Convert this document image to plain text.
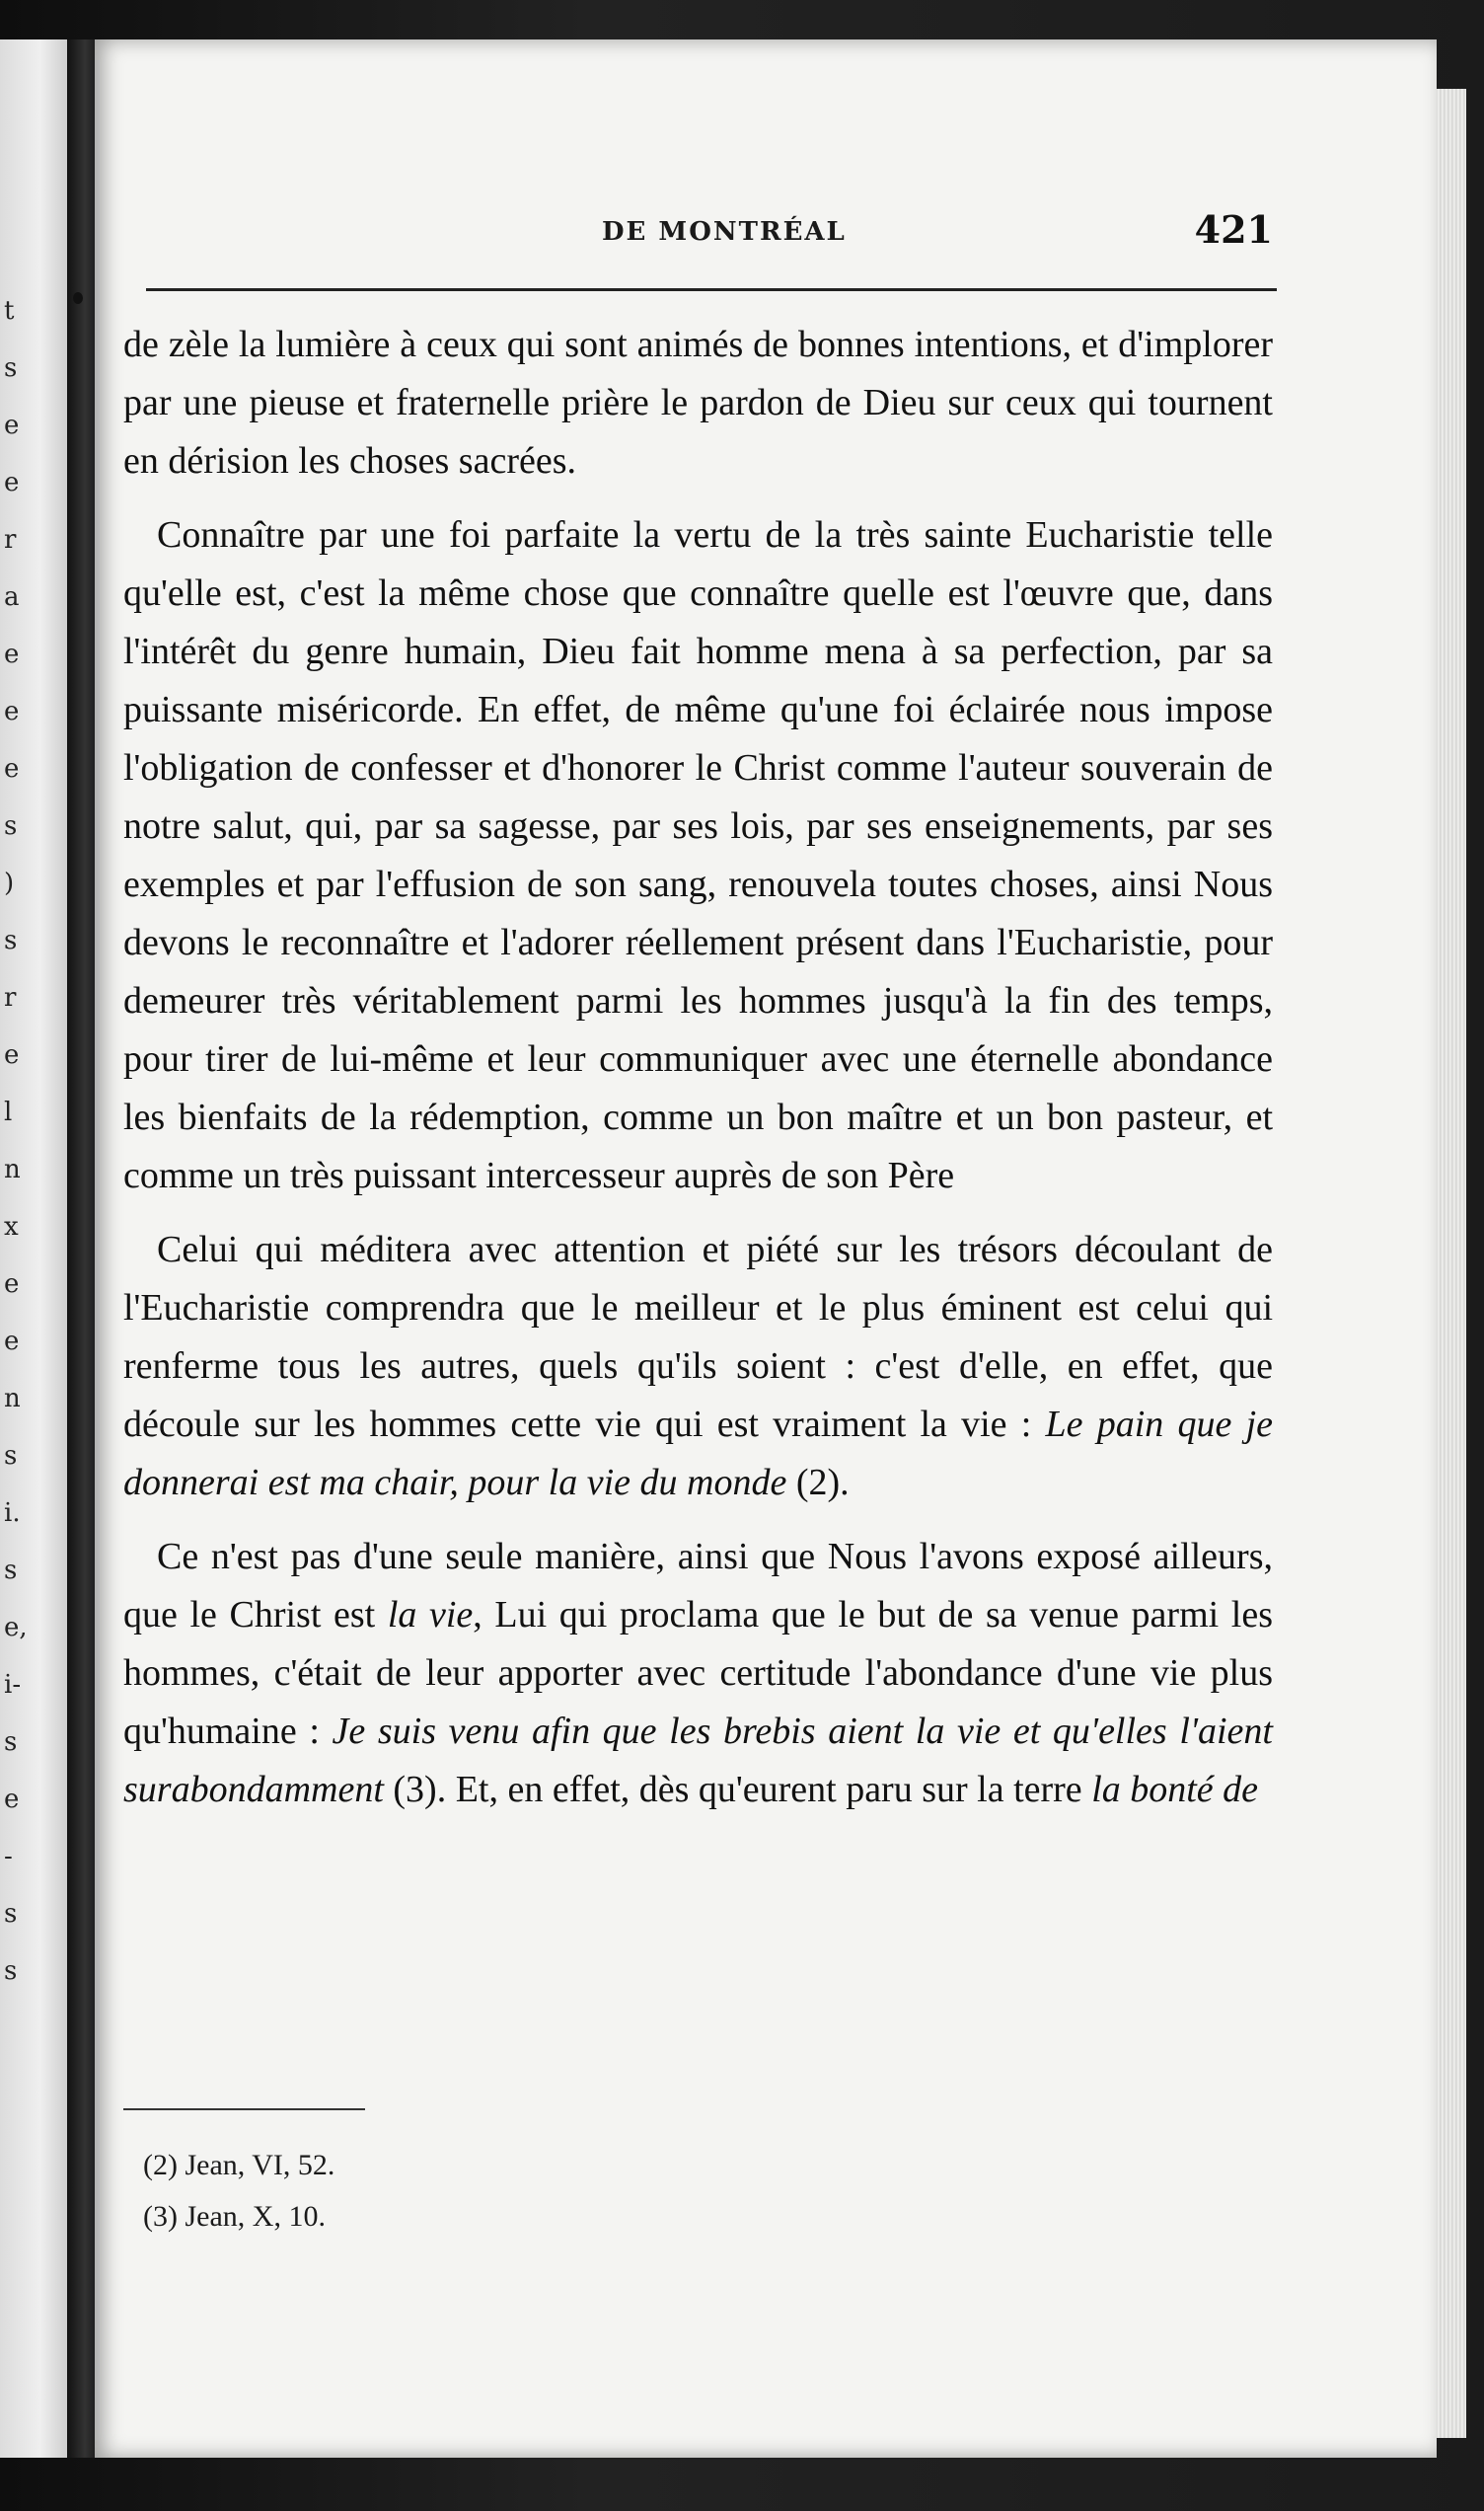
t
s
e
e
r
a
e
e
e
s
)
s
r
e
l
n
x
e
e
n
s
i.
s
e,
i-
s
e
-
s
s
DE MONTRÉAL	421

de zèle la lumière à ceux qui sont animés de bonnes intentions, et d'implorer par une pieuse et fraternelle prière le pardon de Dieu sur ceux qui tournent en dérision les choses sacrées.

Connaître par une foi parfaite la vertu de la très sainte Eucharistie telle qu'elle est, c'est la même chose que connaître quelle est l'œuvre que, dans l'intérêt du genre humain, Dieu fait homme mena à sa perfection, par sa puissante miséricorde. En effet, de même qu'une foi éclairée nous impose l'obligation de confesser et d'honorer le Christ comme l'auteur souverain de notre salut, qui, par sa sagesse, par ses lois, par ses enseignements, par ses exemples et par l'effusion de son sang, renouvela toutes choses, ainsi Nous devons le reconnaître et l'adorer réellement présent dans l'Eucharistie, pour demeurer très véritablement parmi les hommes jusqu'à la fin des temps, pour tirer de lui-même et leur communiquer avec une éternelle abondance les bienfaits de la rédemption, comme un bon maître et un bon pasteur, et comme un très puissant intercesseur auprès de son Père

Celui qui méditera avec attention et piété sur les trésors découlant de l'Eucharistie comprendra que le meilleur et le plus éminent est celui qui renferme tous les autres, quels qu'ils soient : c'est d'elle, en effet, que découle sur les hommes cette vie qui est vraiment la vie : Le pain que je donnerai est ma chair, pour la vie du monde (2).

Ce n'est pas d'une seule manière, ainsi que Nous l'avons exposé ailleurs, que le Christ est la vie, Lui qui proclama que le but de sa venue parmi les hommes, c'était de leur apporter avec certitude l'abondance d'une vie plus qu'humaine : Je suis venu afin que les brebis aient la vie et qu'elles l'aient surabondamment (3). Et, en effet, dès qu'eurent paru sur la terre la bonté de

(2) Jean, VI, 52.
(3) Jean, X, 10.
